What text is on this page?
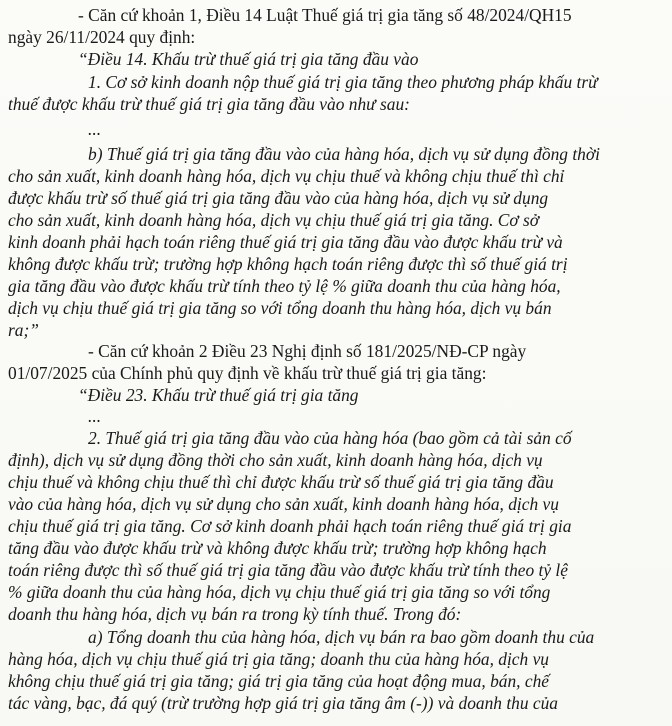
- Căn cứ khoản 1, Điều 14 Luật Thuế giá trị gia tăng số 48/2024/QH15
ngày 26/11/2024 quy định:
“Điều 14. Khấu trừ thuế giá trị gia tăng đầu vào
1. Cơ sở kinh doanh nộp thuế giá trị gia tăng theo phương pháp khấu trừ
thuế được khấu trừ thuế giá trị gia tăng đầu vào như sau:
...
b) Thuế giá trị gia tăng đầu vào của hàng hóa, dịch vụ sử dụng đồng thời
cho sản xuất, kinh doanh hàng hóa, dịch vụ chịu thuế và không chịu thuế thì chỉ
được khấu trừ số thuế giá trị gia tăng đầu vào của hàng hóa, dịch vụ sử dụng
cho sản xuất, kinh doanh hàng hóa, dịch vụ chịu thuế giá trị gia tăng. Cơ sở
kinh doanh phải hạch toán riêng thuế giá trị gia tăng đầu vào được khấu trừ và
không được khấu trừ; trường hợp không hạch toán riêng được thì số thuế giá trị
gia tăng đầu vào được khấu trừ tính theo tỷ lệ % giữa doanh thu của hàng hóa,
dịch vụ chịu thuế giá trị gia tăng so với tổng doanh thu hàng hóa, dịch vụ bán
ra;”
- Căn cứ khoản 2 Điều 23 Nghị định số 181/2025/NĐ-CP ngày
01/07/2025 của Chính phủ quy định về khấu trừ thuế giá trị gia tăng:
“Điều 23. Khấu trừ thuế giá trị gia tăng
...
2. Thuế giá trị gia tăng đầu vào của hàng hóa (bao gồm cả tài sản cố
định), dịch vụ sử dụng đồng thời cho sản xuất, kinh doanh hàng hóa, dịch vụ
chịu thuế và không chịu thuế thì chỉ được khấu trừ số thuế giá trị gia tăng đầu
vào của hàng hóa, dịch vụ sử dụng cho sản xuất, kinh doanh hàng hóa, dịch vụ
chịu thuế giá trị gia tăng. Cơ sở kinh doanh phải hạch toán riêng thuế giá trị gia
tăng đầu vào được khấu trừ và không được khấu trừ; trường hợp không hạch
toán riêng được thì số thuế giá trị gia tăng đầu vào được khấu trừ tính theo tỷ lệ
% giữa doanh thu của hàng hóa, dịch vụ chịu thuế giá trị gia tăng so với tổng
doanh thu hàng hóa, dịch vụ bán ra trong kỳ tính thuế. Trong đó:
a) Tổng doanh thu của hàng hóa, dịch vụ bán ra bao gồm doanh thu của
hàng hóa, dịch vụ chịu thuế giá trị gia tăng; doanh thu của hàng hóa, dịch vụ
không chịu thuế giá trị gia tăng; giá trị gia tăng của hoạt động mua, bán, chế
tác vàng, bạc, đá quý (trừ trường hợp giá trị gia tăng âm (-)) và doanh thu của
